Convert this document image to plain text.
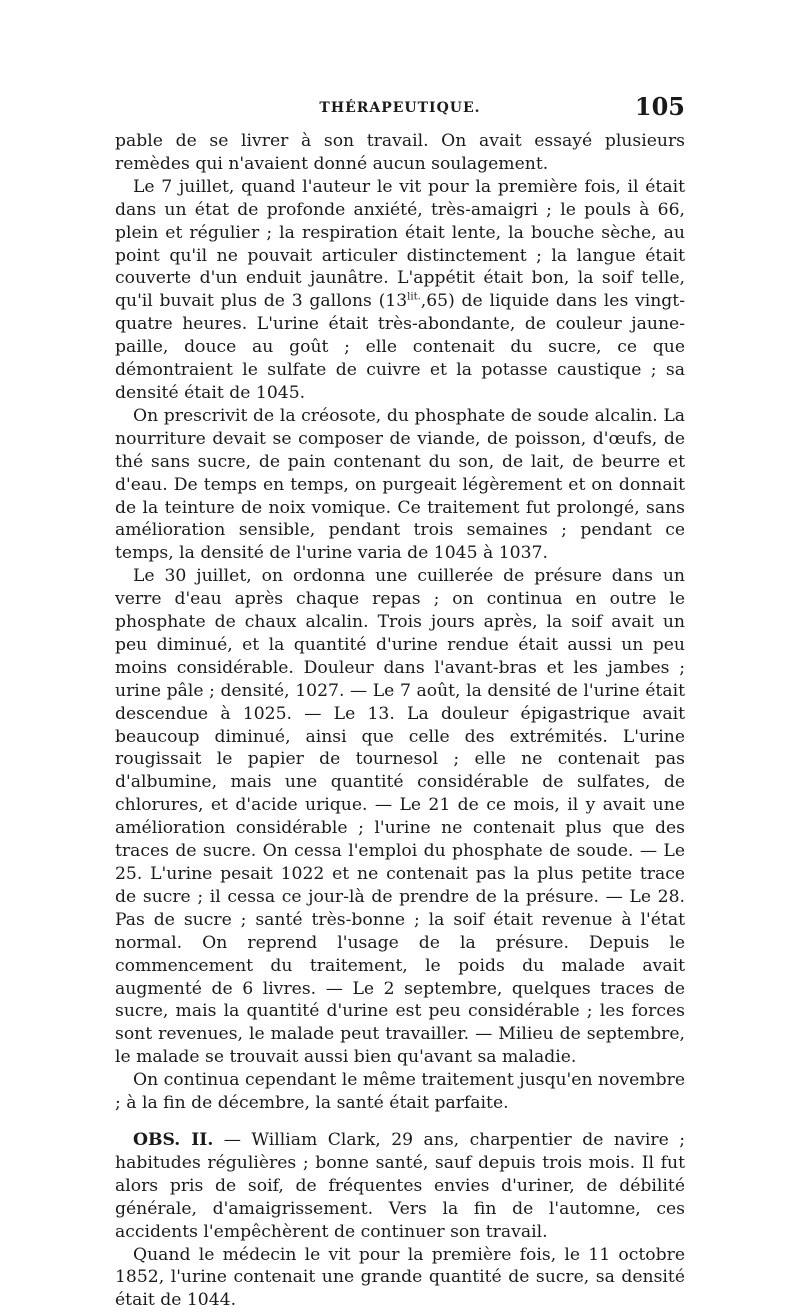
THÉRAPEUTIQUE.	105

pable de se livrer à son travail. On avait essayé plusieurs remèdes qui n'avaient donné aucun soulagement.

Le 7 juillet, quand l'auteur le vit pour la première fois, il était dans un état de profonde anxiété, très-amaigri ; le pouls à 66, plein et régulier ; la respiration était lente, la bouche sèche, au point qu'il ne pouvait articuler distinctement ; la langue était couverte d'un enduit jaunâtre. L'appétit était bon, la soif telle, qu'il buvait plus de 3 gallons $(13^{lit.},65)$ de liquide dans les vingt-quatre heures. L'urine était très-abondante, de couleur jaune-paille, douce au goût ; elle contenait du sucre, ce que démontraient le sulfate de cuivre et la potasse caustique ; sa densité était de 1045.

On prescrivit de la créosote, du phosphate de soude alcalin. La nourriture devait se composer de viande, de poisson, d'œufs, de thé sans sucre, de pain contenant du son, de lait, de beurre et d'eau. De temps en temps, on purgeait légèrement et on donnait de la teinture de noix vomique. Ce traitement fut prolongé, sans amélioration sensible, pendant trois semaines ; pendant ce temps, la densité de l'urine varia de 1045 à 1037.

Le 30 juillet, on ordonna une cuillerée de présure dans un verre d'eau après chaque repas ; on continua en outre le phosphate de chaux alcalin. Trois jours après, la soif avait un peu diminué, et la quantité d'urine rendue était aussi un peu moins considérable. Douleur dans l'avant-bras et les jambes ; urine pâle ; densité, 1027. — Le 7 août, la densité de l'urine était descendue à 1025. — Le 13. La douleur épigastrique avait beaucoup diminué, ainsi que celle des extrémités. L'urine rougissait le papier de tournesol ; elle ne contenait pas d'albumine, mais une quantité considérable de sulfates, de chlorures, et d'acide urique. — Le 21 de ce mois, il y avait une amélioration considérable ; l'urine ne contenait plus que des traces de sucre. On cessa l'emploi du phosphate de soude. — Le 25. L'urine pesait 1022 et ne contenait pas la plus petite trace de sucre ; il cessa ce jour-là de prendre de la présure. — Le 28. Pas de sucre ; santé très-bonne ; la soif était revenue à l'état normal. On reprend l'usage de la présure. Depuis le commencement du traitement, le poids du malade avait augmenté de 6 livres. — Le 2 septembre, quelques traces de sucre, mais la quantité d'urine est peu considérable ; les forces sont revenues, le malade peut travailler. — Milieu de septembre, le malade se trouvait aussi bien qu'avant sa maladie.

On continua cependant le même traitement jusqu'en novembre ; à la fin de décembre, la santé était parfaite.

OBS. II. — William Clark, 29 ans, charpentier de navire ; habitudes régulières ; bonne santé, sauf depuis trois mois. Il fut alors pris de soif, de fréquentes envies d'uriner, de débilité générale, d'amaigrissement. Vers la fin de l'automne, ces accidents l'empêchèrent de continuer son travail.

Quand le médecin le vit pour la première fois, le 11 octobre 1852, l'urine contenait une grande quantité de sucre, sa densité était de 1044.
